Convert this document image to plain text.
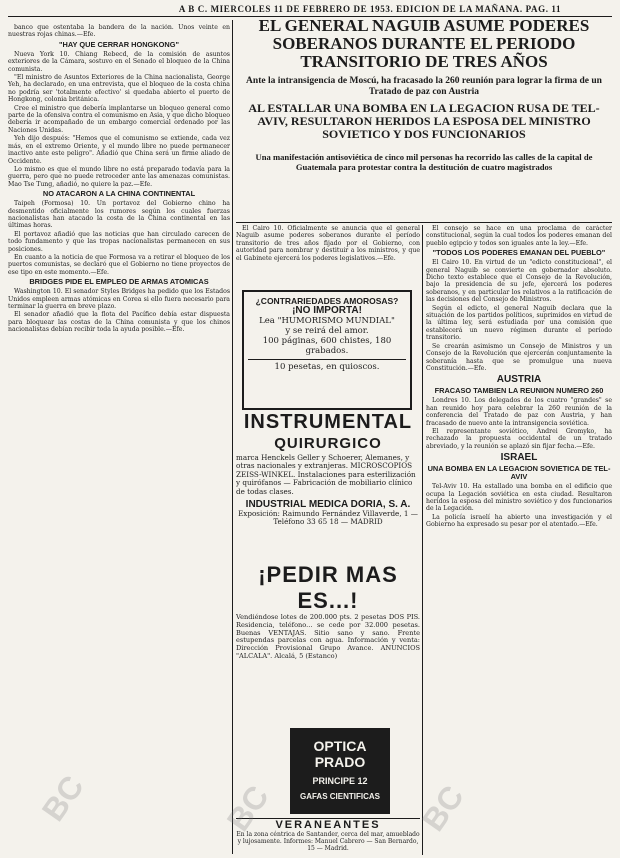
A B C. MIERCOLES 11 DE FEBRERO DE 1953. EDICION DE LA MAÑANA. PAG. 11

banco que ostentaba la bandera de la nación. Unos veinte en nuestras rojas chinas.—Efe.

"HAY QUE CERRAR HONGKONG"

Nueva York 10. Chiang Rebecd, de la comisión de asuntos exteriores de la Cámara, sostuvo en el Senado el bloqueo de la China comunista.

"El ministro de Asuntos Exteriores de la China nacionalista, George Yeh, ha declarado, en una entrevista, que el bloqueo de la costa china no podría ser 'totalmente efectivo' si quedaba abierto el puerto de Hongkong, colonia británica.

Cree el ministro que debería implantarse un bloqueo general como parte de la ofensiva contra el comunismo en Asia, y que dicho bloqueo debería ir acompañado de un embargo comercial ordenado por las Naciones Unidas.

Yeh dijo después: "Hemos que el comunismo se extiende, cada vez más, en el extremo Oriente, y el mundo libre no puede permanecer inactivo ante este peligro". Añadió que China será un firme aliado de Occidente.

Lo mismo es que el mundo libre no está preparado todavía para la guerra, pero que no puede retroceder ante las amenazas comunistas. Mao Tse Tung, añadió, no quiere la paz.—Efe.

NO ATACARON A LA CHINA CONTINENTAL

Taipeh (Formosa) 10. Un portavoz del Gobierno chino ha desmentido oficialmente los rumores según los cuales fuerzas nacionalistas han atacado la costa de la China continental en las últimas horas.

El portavoz añadió que las noticias que han circulado carecen de todo fundamento y que las tropas nacionalistas permanecen en sus posiciones.

En cuanto a la noticia de que Formosa va a retirar el bloqueo de los puertos comunistas, se declaró que el Gobierno no tiene proyectos de ese tipo en este momento.—Efe.

BRIDGES PIDE EL EMPLEO DE ARMAS ATOMICAS

Washington 10. El senador Styles Bridges ha pedido que los Estados Unidos empleen armas atómicas en Corea si ello fuera necesario para terminar la guerra en breve plazo.

El senador añadió que la flota del Pacífico debía estar dispuesta para bloquear las costas de la China comunista y que los chinos nacionalistas debían recibir toda la ayuda posible.—Efe.

EL GENERAL NAGUIB ASUME PODERES SOBERANOS DURANTE EL PERIODO TRANSITORIO DE TRES AÑOS
Ante la intransigencia de Moscú, ha fracasado la 260 reunión para lograr la firma de un Tratado de paz con Austria
AL ESTALLAR UNA BOMBA EN LA LEGACION RUSA DE TEL-AVIV, RESULTARON HERIDOS LA ESPOSA DEL MINISTRO SOVIETICO Y DOS FUNCIONARIOS
Una manifestación antisoviética de cinco mil personas ha recorrido las calles de la capital de Guatemala para protestar contra la destitución de cuatro magistrados

El Cairo 10. Oficialmente se anuncia que el general Naguib asume poderes soberanos durante el período transitorio de tres años fijado por el Gobierno, con autoridad para nombrar y destituir a los ministros, y que el Gabinete ejercerá los poderes legislativos.—Efe.

¿CONTRARIEDADES AMOROSAS?
¡NO IMPORTA!
Lea "HUMORISMO MUNDIAL"
y se reirá del amor.
100 páginas, 600 chistes, 180 grabados.
10 pesetas, en quioscos.
INSTRUMENTAL
QUIRURGICO
marca Henckels Geller y Schoerer, Alemanes, y otras nacionales y extranjeras. MICROSCOPIOS ZEISS-WINKEL. Instalaciones para esterilización y quirófanos — Fabricación de mobiliario clínico de todas clases.
INDUSTRIAL MEDICA DORIA, S. A.
Exposición: Raimundo Fernández Villaverde, 1 — Teléfono 33 65 18 — MADRID
¡PEDIR MAS ES...!
Vendiéndose lotes de 200.000 pts. 2 pesetas DOS PIS. Residencia, teléfono... se cede por 32.000 pesetas. Buenas VENTAJAS. Sitio sano y sano. Frente estupendas parcelas con agua. Información y venta: Dirección Provisional Grupo Avance. ANUNCIOS "ALCALA". Alcalá, 5 (Estanco)
OPTICA PRADO
PRINCIPE 12
GAFAS CIENTIFICAS
VERANEANTES
En la zona céntrica de Santander, cerca del mar, amueblado y lujosamente. Informes: Manuel Cabrero — San Bernardo, 15 — Madrid.

El consejo se hace en una proclama de carácter constitucional, según la cual todos los poderes emanan del pueblo egipcio y todos son iguales ante la ley.—Efe.

"TODOS LOS PODERES EMANAN DEL PUEBLO"

El Cairo 10. En virtud de un "edicto constitucional", el general Naguib se convierte en gobernador absoluto. Dicho texto establece que el Consejo de la Revolución, bajo la presidencia de su jefe, ejercerá los poderes soberanos, y en particular los relativos a la ratificación de las decisiones del Consejo de Ministros.

Según el edicto, el general Naguib declara que la situación de los partidos políticos, suprimidos en virtud de la última ley, será estudiada por una comisión que establecerá un nuevo régimen durante el período transitorio.

Se crearán asimismo un Consejo de Ministros y un Consejo de la Revolución que ejercerán conjuntamente la soberanía hasta que se promulgue una nueva Constitución.—Efe.

AUSTRIA
FRACASO TAMBIEN LA REUNION NUMERO 260

Londres 10. Los delegados de los cuatro "grandes" se han reunido hoy para celebrar la 260 reunión de la conferencia del Tratado de paz con Austria, y han fracasado de nuevo ante la intransigencia soviética.

El representante soviético, Andrei Gromyko, ha rechazado la propuesta occidental de un tratado abreviado, y la reunión se aplazó sin fijar fecha.—Efe.

ISRAEL
UNA BOMBA EN LA LEGACION SOVIETICA DE TEL-AVIV

Tel-Aviv 10. Ha estallado una bomba en el edificio que ocupa la Legación soviética en esta ciudad. Resultaron heridos la esposa del ministro soviético y dos funcionarios de la Legación.

La policía israelí ha abierto una investigación y el Gobierno ha expresado su pesar por el atentado.—Efe.

BC	BC	BC
